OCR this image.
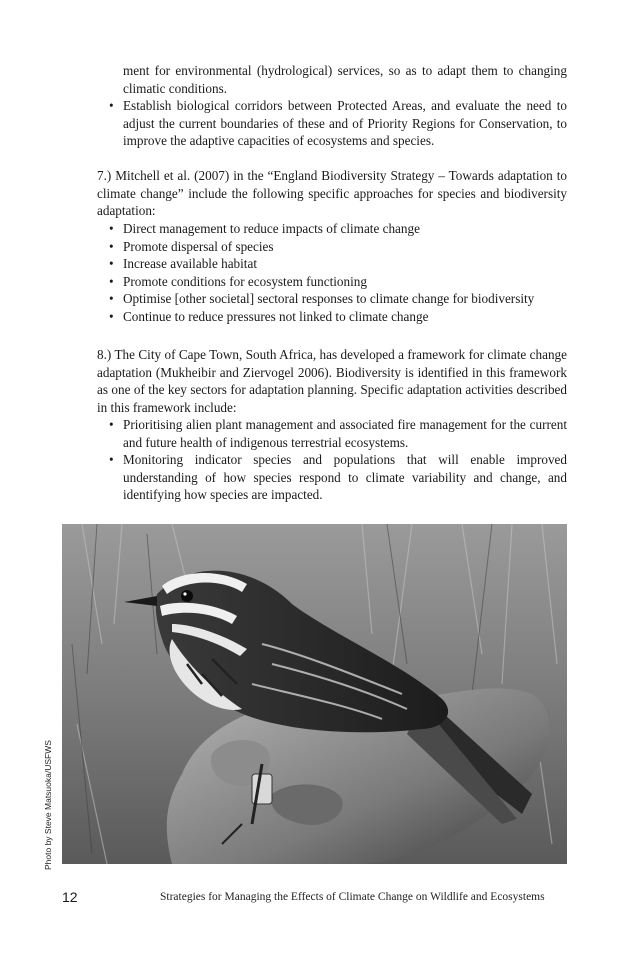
ment for environmental (hydrological) services, so as to adapt them to changing climatic conditions.

• Establish biological corridors between Protected Areas, and evaluate the need to adjust the current boundaries of these and of Priority Regions for Conservation, to improve the adaptive capacities of ecosystems and species.

7.) Mitchell et al. (2007) in the “England Biodiversity Strategy – Towards adaptation to climate change” include the following specific approaches for species and biodiversity adaptation:

• Direct management to reduce impacts of climate change
• Promote dispersal of species
• Increase available habitat
• Promote conditions for ecosystem functioning
• Optimise [other societal] sectoral responses to climate change for biodiversity
• Continue to reduce pressures not linked to climate change

8.) The City of Cape Town, South Africa, has developed a framework for climate change adaptation (Mukheibir and Ziervogel 2006). Biodiversity is identified in this framework as one of the key sectors for adaptation planning. Specific adaptation activities described in this framework include:

• Prioritising alien plant management and associated fire management for the current and future health of indigenous terrestrial ecosystems.
• Monitoring indicator species and populations that will enable improved understanding of how species respond to climate variability and change, and identifying how species are impacted.
Photo by Steve Matsuoka/USFWS
12	Strategies for Managing the Effects of Climate Change on Wildlife and Ecosystems
